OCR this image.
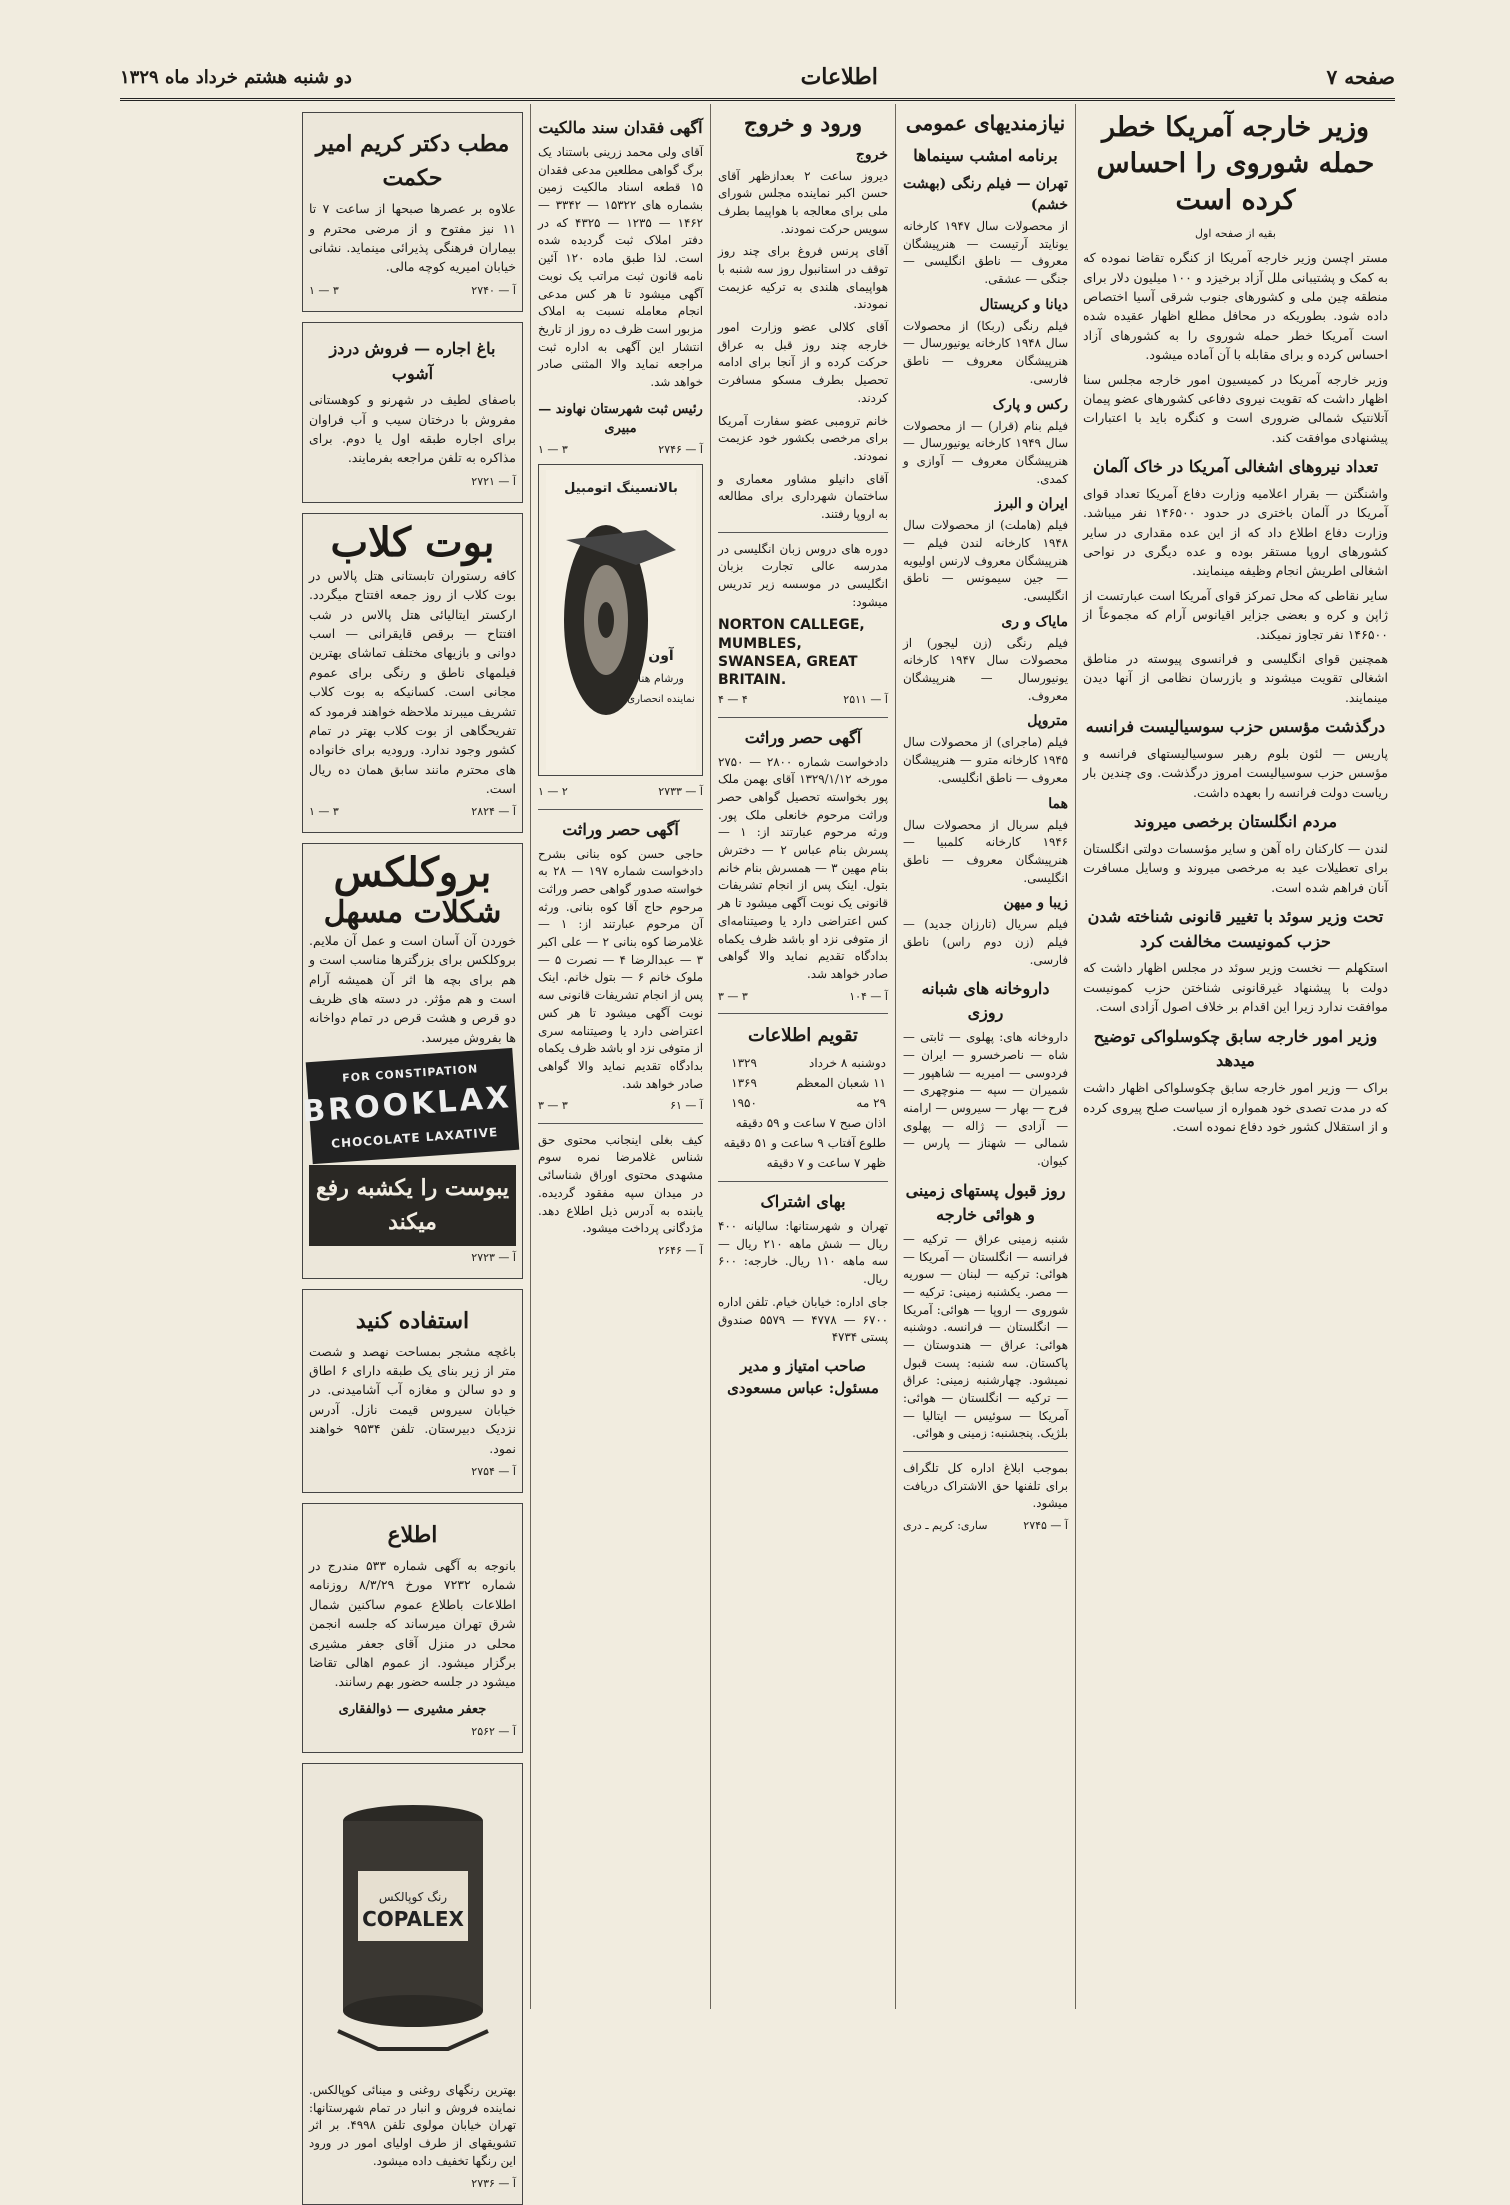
صفحه ۷
اطلاعات
دو شنبه هشتم خرداد ماه ۱۳۲۹
وزیر خارجه آمریکا خطر حمله شوروی را احساس کرده است
بقیه از صفحه اول

مستر اچسن وزیر خارجه آمریکا از کنگره تقاضا نموده که به کمک و پشتیبانی ملل آزاد برخیزد و ۱۰۰ میلیون دلار برای منطقه چین ملی و کشورهای جنوب شرقی آسیا اختصاص داده شود. بطوریکه در محافل مطلع اظهار عقیده شده است آمریکا خطر حمله شوروی را به کشورهای آزاد احساس کرده و برای مقابله با آن آماده میشود.

وزیر خارجه آمریکا در کمیسیون امور خارجه مجلس سنا اظهار داشت که تقویت نیروی دفاعی کشورهای عضو پیمان آتلانتیک شمالی ضروری است و کنگره باید با اعتبارات پیشنهادی موافقت کند.

تعداد نیروهای اشغالی آمریکا در خاک آلمان

واشنگتن — بقرار اعلامیه وزارت دفاع آمریکا تعداد قوای آمریکا در آلمان باختری در حدود ۱۴۶۵۰۰ نفر میباشد. وزارت دفاع اطلاع داد که از این عده مقداری در سایر کشورهای اروپا مستقر بوده و عده دیگری در نواحی اشغالی اطریش انجام وظیفه مینمایند.

سایر نقاطی که محل تمرکز قوای آمریکا است عبارتست از ژاپن و کره و بعضی جزایر اقیانوس آرام که مجموعاً از ۱۴۶۵۰۰ نفر تجاوز نمیکند.

همچنین قوای انگلیسی و فرانسوی پیوسته در مناطق اشغالی تقویت میشوند و بازرسان نظامی از آنها دیدن مینمایند.

درگذشت مؤسس حزب سوسیالیست فرانسه

پاریس — لئون بلوم رهبر سوسیالیستهای فرانسه و مؤسس حزب سوسیالیست امروز درگذشت. وی چندین بار ریاست دولت فرانسه را بعهده داشت.

مردم انگلستان برخصی میروند

لندن — کارکنان راه آهن و سایر مؤسسات دولتی انگلستان برای تعطیلات عید به مرخصی میروند و وسایل مسافرت آنان فراهم شده است.

تحت وزیر سوئد با تغییر قانونی شناخته شدن حزب کمونیست مخالفت کرد

استکهلم — نخست وزیر سوئد در مجلس اظهار داشت که دولت با پیشنهاد غیرقانونی شناختن حزب کمونیست موافقت ندارد زیرا این اقدام بر خلاف اصول آزادی است.

وزیر امور خارجه سابق چکوسلواکی توضیح میدهد

براک — وزیر امور خارجه سابق چکوسلواکی اظهار داشت که در مدت تصدی خود همواره از سیاست صلح پیروی کرده و از استقلال کشور خود دفاع نموده است.

نیازمندیهای عمومی
برنامه امشب سینماها
تهران — فیلم رنگی (بهشت خشم)

از محصولات سال ۱۹۴۷ کارخانه یونایتد آرتیست — هنرپیشگان معروف — ناطق انگلیسی — جنگی — عشقی.

دیانا و کریستال

فیلم رنگی (ربکا) از محصولات سال ۱۹۴۸ کارخانه یونیورسال — هنرپیشگان معروف — ناطق فارسی.

رکس و پارک

فیلم بنام (قرار) — از محصولات سال ۱۹۴۹ کارخانه یونیورسال — هنرپیشگان معروف — آوازی و کمدی.

ایران و البرز

فیلم (هاملت) از محصولات سال ۱۹۴۸ کارخانه لندن فیلم — هنرپیشگان معروف لارنس اولیویه — جین سیمونس — ناطق انگلیسی.

مایاک و ری

فیلم رنگی (زن لیجور) از محصولات سال ۱۹۴۷ کارخانه یونیورسال — هنرپیشگان معروف.

متروپل

فیلم (ماجرای) از محصولات سال ۱۹۴۵ کارخانه مترو — هنرپیشگان معروف — ناطق انگلیسی.

هما

فیلم سریال از محصولات سال ۱۹۴۶ کارخانه کلمبیا — هنرپیشگان معروف — ناطق انگلیسی.

زیبا و میهن

فیلم سریال (تارزان جدید) — فیلم (زن دوم راس) ناطق فارسی.

داروخانه های شبانه روزی

داروخانه های: پهلوی — ثابتی — شاه — ناصرخسرو — ایران — فردوسی — امیریه — شاهپور — شمیران — سپه — منوچهری — فرح — بهار — سیروس — ارامنه — آزادی — ژاله — پهلوی شمالی — شهناز — پارس — کیوان.

روز قبول پستهای زمینی و هوائی خارجه

شنبه زمینی عراق — ترکیه — فرانسه — انگلستان — آمریکا — هوائی: ترکیه — لبنان — سوریه — مصر. یکشنبه زمینی: ترکیه — شوروی — اروپا — هوائی: آمریکا — انگلستان — فرانسه. دوشنبه هوائی: عراق — هندوستان — پاکستان. سه شنبه: پست قبول نمیشود. چهارشنبه زمینی: عراق — ترکیه — انگلستان — هوائی: آمریکا — سوئیس — ایتالیا — بلژیک. پنجشنبه: زمینی و هوائی.

بموجب ابلاغ اداره کل تلگراف برای تلفنها حق الاشتراک دریافت میشود.

آ — ۲۷۴۵
ساری: کریم ـ دری
ورود و خروج
خروج

دیروز ساعت ۲ بعدازظهر آقای حسن اکبر نماینده مجلس شورای ملی برای معالجه با هواپیما بطرف سویس حرکت نمودند.

آقای پرنس فروغ برای چند روز توقف در استانبول روز سه شنبه با هواپیمای هلندی به ترکیه عزیمت نمودند.

آقای کلالی عضو وزارت امور خارجه چند روز قبل به عراق حرکت کرده و از آنجا برای ادامه تحصیل بطرف مسکو مسافرت کردند.

خانم ترومبی عضو سفارت آمریکا برای مرخصی بکشور خود عزیمت نمودند.

آقای دانیلو مشاور معماری و ساختمان شهرداری برای مطالعه به اروپا رفتند.

دوره های دروس زبان انگلیسی در مدرسه عالی تجارت بزبان انگلیسی در موسسه زیر تدریس میشود:

NORTON CALLEGE,
MUMBLES,
SWANSEA, GREAT
BRITAIN.
آ — ۲۵۱۱
۴ — ۴
آگهی حصر وراثت

دادخواست شماره ۲۸۰۰ — ۲۷۵۰ مورخه ۱۳۲۹/۱/۱۲ آقای بهمن ملک پور بخواسته تحصیل گواهی حصر وراثت مرحوم خانعلی ملک پور. ورثه مرحوم عبارتند از: ۱ — پسرش بنام عباس ۲ — دخترش بنام مهین ۳ — همسرش بنام خانم بتول. اینک پس از انجام تشریفات قانونی یک نوبت آگهی میشود تا هر کس اعتراضی دارد یا وصیتنامه‌ای از متوفی نزد او باشد ظرف یکماه بدادگاه تقدیم نماید والا گواهی صادر خواهد شد.

آ — ۱۰۴
۳ — ۳
تقویم اطلاعات
دوشنبه ۸ خرداد	۱۳۲۹
۱۱ شعبان المعظم	۱۳۶۹
۲۹ مه	۱۹۵۰
اذان صبح ۷ ساعت و ۵۹ دقیقه	
طلوع آفتاب ۹ ساعت و ۵۱ دقیقه	
ظهر ۷ ساعت و ۷ دقیقه	
بهای اشتراک

تهران و شهرستانها: سالیانه ۴۰۰ ریال — شش ماهه ۲۱۰ ریال — سه ماهه ۱۱۰ ریال. خارجه: ۶۰۰ ریال.

جای اداره: خیابان خیام. تلفن اداره ۶۷۰۰ — ۴۷۷۸ — ۵۵۷۹ صندوق پستی ۴۷۳۴

صاحب امتیاز و مدیر مسئول: عباس مسعودی
آگهی فقدان سند مالکیت

آقای ولی محمد زرینی باستناد یک برگ گواهی مطلعین مدعی فقدان ۱۵ قطعه اسناد مالکیت زمین بشماره های ۱۵۳۲۲ — ۳۳۴۲ — ۱۴۶۲ — ۱۲۳۵ — ۴۳۲۵ که در دفتر املاک ثبت گردیده شده است. لذا طبق ماده ۱۲۰ آئین نامه قانون ثبت مراتب یک نوبت آگهی میشود تا هر کس مدعی انجام معامله نسبت به املاک مزبور است ظرف ده روز از تاریخ انتشار این آگهی به اداره ثبت مراجعه نماید والا المثنی صادر خواهد شد.

رئیس ثبت شهرستان نهاوند — مبیری
آ — ۲۷۴۶
۳ — ۱
بالانسینگ اتومبیل
آون
ورشام هنا
نماینده انحصاری
آ — ۲۷۳۳
۲ — ۱
آگهی حصر وراثت

حاجی حسن کوه بنانی بشرح دادخواست شماره ۱۹۷ — ۲۸ به خواسته صدور گواهی حصر وراثت مرحوم حاج آقا کوه بنانی. ورثه آن مرحوم عبارتند از: ۱ — غلامرضا کوه بنانی ۲ — علی اکبر ۳ — عبدالرضا ۴ — نصرت ۵ — ملوک خانم ۶ — بتول خانم. اینک پس از انجام تشریفات قانونی سه نوبت آگهی میشود تا هر کس اعتراضی دارد یا وصیتنامه سری از متوفی نزد او باشد ظرف یکماه بدادگاه تقدیم نماید والا گواهی صادر خواهد شد.

آ — ۶۱
۳ — ۳

کیف بغلی اینجانب محتوی حق شناس غلامرضا نمره سوم مشهدی محتوی اوراق شناسائی در میدان سپه مفقود گردیده. یابنده به آدرس ذیل اطلاع دهد. مژدگانی پرداخت میشود.

آ — ۲۶۴۶
مطب دکتر کریم امیر حکمت

علاوه بر عصرها صبحها از ساعت ۷ تا ۱۱ نیز مفتوح و از مرضی محترم و بیماران فرهنگی پذیرائی مینماید. نشانی خیابان امیریه کوچه مالی.

آ — ۲۷۴۰
۳ — ۱
باغ اجاره — فروش دردز آشوب

باصفای لطیف در شهرنو و کوهستانی مفروش با درختان سیب و آب فراوان برای اجاره طبقه اول یا دوم. برای مذاکره به تلفن مراجعه بفرمایند.

آ — ۲۷۲۱
بوت کلاب

کافه رستوران تابستانی هتل پالاس در بوت کلاب از روز جمعه افتتاح میگردد. ارکستر ایتالیائی هتل پالاس در شب افتتاح — برقص قایقرانی — اسب دوانی و بازیهای مختلف تماشای بهترین فیلمهای ناطق و رنگی برای عموم مجانی است. کسانیکه به بوت کلاب تشریف میبرند ملاحظه خواهند فرمود که تفریحگاهی از بوت کلاب بهتر در تمام کشور وجود ندارد. ورودیه برای خانواده های محترم مانند سابق همان ده ریال است.

آ — ۲۸۲۴
۳ — ۱
بروکلکس
شکلات مسهل

خوردن آن آسان است و عمل آن ملایم. بروکلکس برای بزرگترها مناسب است و هم برای بچه ها اثر آن همیشه آرام است و هم مؤثر. در دسته های ظریف دو قرص و هشت قرص در تمام دواخانه ها بفروش میرسد.

FOR CONSTIPATION
BROOKLAX
CHOCOLATE LAXATIVE
یبوست را یکشبه رفع میکند
آ — ۲۷۲۳
استفاده کنید

باغچه مشجر بمساحت نهصد و شصت متر از زیر بنای یک طبقه دارای ۶ اطاق و دو سالن و مغازه آب آشامیدنی. در خیابان سیروس قیمت نازل. آدرس نزدیک دبیرستان. تلفن ۹۵۳۴ خواهند نمود.

آ — ۲۷۵۴
اطلاع

بانوجه به آگهی شماره ۵۳۳ مندرج در شماره ۷۲۳۲ مورخ ۸/۳/۲۹ روزنامه اطلاعات باطلاع عموم ساکنین شمال شرق تهران میرساند که جلسه انجمن محلی در منزل آقای جعفر مشیری برگزار میشود. از عموم اهالی تقاضا میشود در جلسه حضور بهم رسانند.

جعفر مشیری — ذوالفقاری
آ — ۲۵۶۲
رنگ کوپالکس
COPALEX

بهترین رنگهای روغنی و مینائی کوپالکس. نماینده فروش و انبار در تمام شهرستانها: تهران خیابان مولوی تلفن ۴۹۹۸. بر اثر تشویقهای از طرف اولیای امور در ورود این رنگها تخفیف داده میشود.

آ — ۲۷۳۶
